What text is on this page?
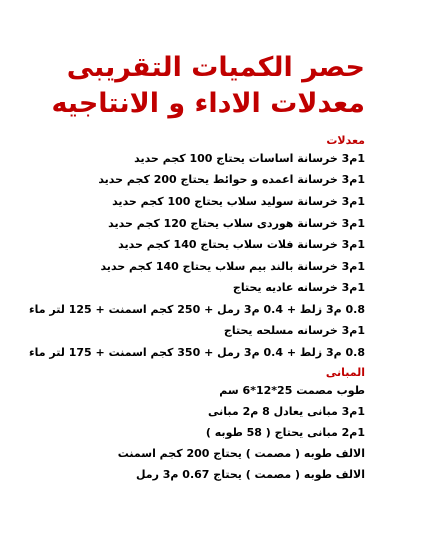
حصر الكميات التقريبى
معدلات الاداء و الانتاجيه
معدلات
1م3 خرسانة اساسات يحتاج 100 كجم حديد
1م3 خرسانة اعمده و حوائط يحتاج 200 كجم حديد
1م3 خرسانة سوليد سلاب يحتاج 100 كجم حديد
1م3 خرسانة هوردى سلاب يحتاج 120 كجم حديد
1م3 خرسانة فلات سلاب يحتاج 140 كجم حديد
1م3 خرسانة بالند بيم سلاب يحتاج 140 كجم حديد
1م3 خرسانه عاديه يحتاج
0.8 م3 زلط + 0.4 م3 رمل + 250 كجم اسمنت + 125 لتر ماء
1م3 خرسانه مسلحه يحتاج
0.8 م3 زلط + 0.4 م3 رمل + 350 كجم اسمنت + 175 لتر ماء
المبانى
طوب مصمت 25*12*6 سم
1م3 مبانى يعادل 8 م2 مبانى
1م2 مبانى يحتاج ( 58 طوبه )
الالف طوبه ( مصمت ) يحتاج 200 كجم اسمنت
الالف طوبه ( مصمت ) يحتاج 0.67 م3 رمل
